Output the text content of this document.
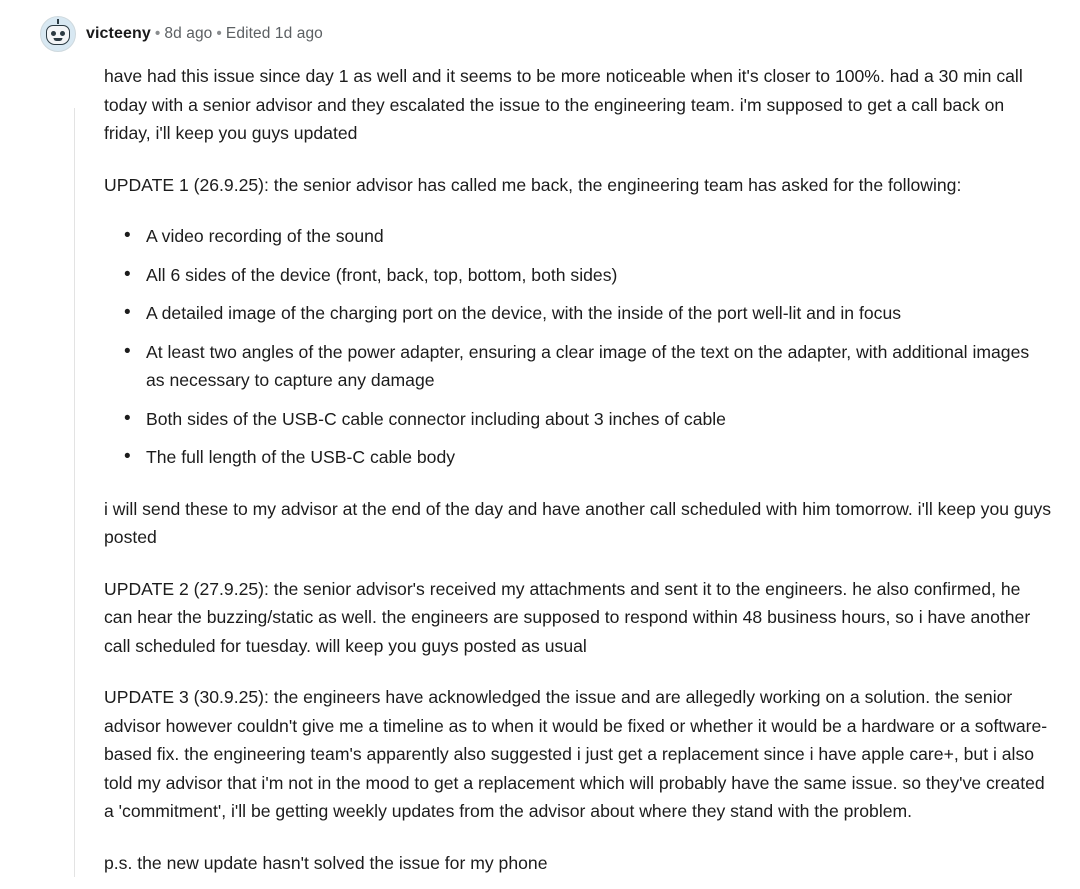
victeeny • 8d ago • Edited 1d ago

have had this issue since day 1 as well and it seems to be more noticeable when it's closer to 100%. had a 30 min call today with a senior advisor and they escalated the issue to the engineering team. i'm supposed to get a call back on friday, i'll keep you guys updated

UPDATE 1 (26.9.25): the senior advisor has called me back, the engineering team has asked for the following:

• A video recording of the sound
• All 6 sides of the device (front, back, top, bottom, both sides)
• A detailed image of the charging port on the device, with the inside of the port well-lit and in focus
• At least two angles of the power adapter, ensuring a clear image of the text on the adapter, with additional images as necessary to capture any damage
• Both sides of the USB-C cable connector including about 3 inches of cable
• The full length of the USB-C cable body

i will send these to my advisor at the end of the day and have another call scheduled with him tomorrow. i'll keep you guys posted

UPDATE 2 (27.9.25): the senior advisor's received my attachments and sent it to the engineers. he also confirmed, he can hear the buzzing/static as well. the engineers are supposed to respond within 48 business hours, so i have another call scheduled for tuesday. will keep you guys posted as usual

UPDATE 3 (30.9.25): the engineers have acknowledged the issue and are allegedly working on a solution. the senior advisor however couldn't give me a timeline as to when it would be fixed or whether it would be a hardware or a software-based fix. the engineering team's apparently also suggested i just get a replacement since i have apple care+, but i also told my advisor that i'm not in the mood to get a replacement which will probably have the same issue. so they've created a 'commitment', i'll be getting weekly updates from the advisor about where they stand with the problem.

p.s. the new update hasn't solved the issue for my phone
